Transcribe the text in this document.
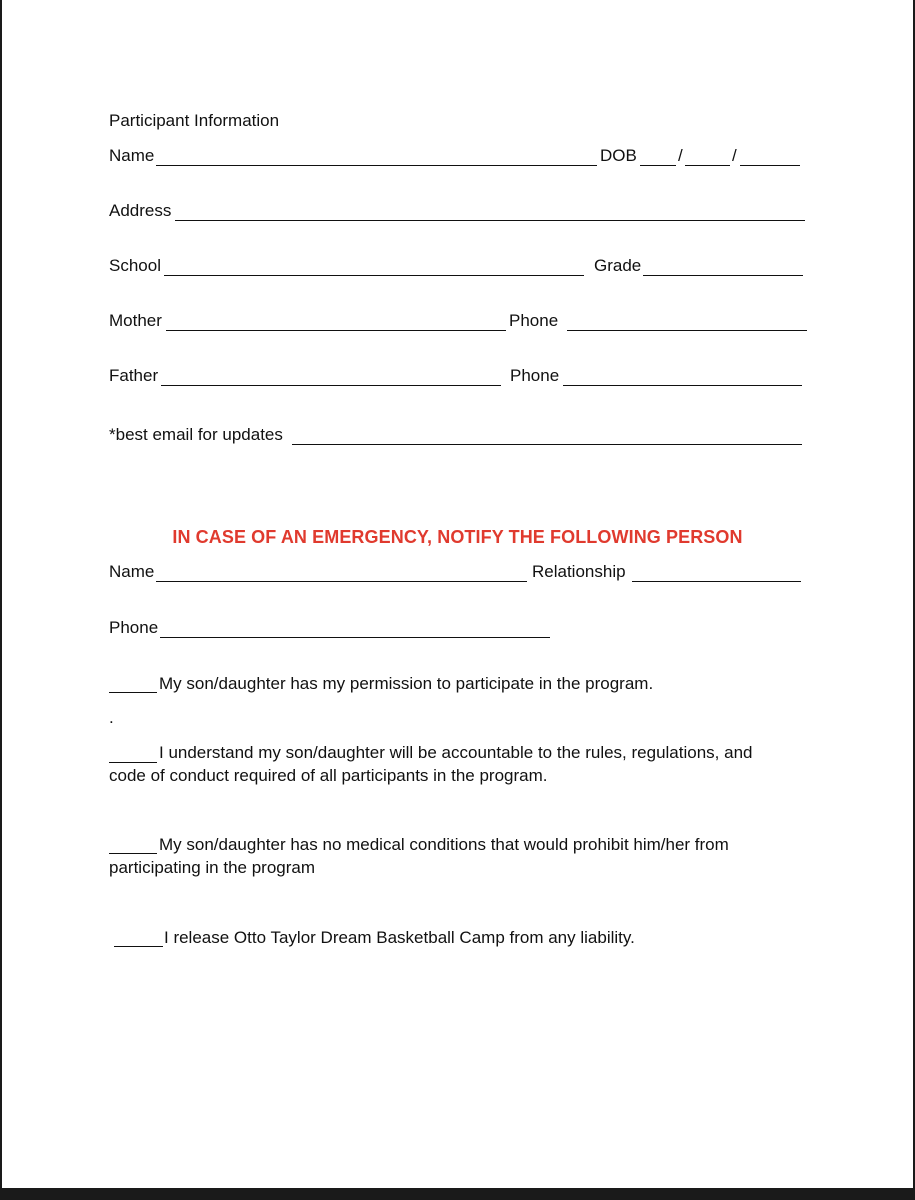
Participant Information
Name	DOB /	/
Address
School	Grade
Mother	Phone
Father	Phone
*best email for updates
IN CASE OF AN EMERGENCY, NOTIFY THE FOLLOWING PERSON
Name	Relationship
Phone
My son/daughter has my permission to participate in the program.
.
I understand my son/daughter will be accountable to the rules, regulations, and
code of conduct required of all participants in the program.
My son/daughter has no medical conditions that would prohibit him/her from
participating in the program
I release Otto Taylor Dream Basketball Camp from any liability.
